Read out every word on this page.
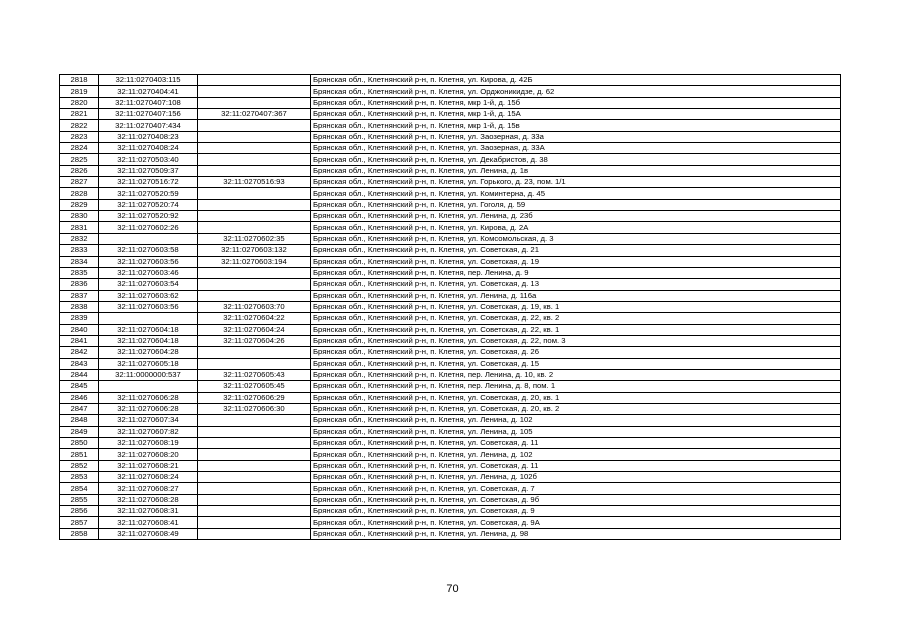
2818	32:11:0270403:115		Брянская обл., Клетнянский р-н, п. Клетня, ул. Кирова, д. 42Б
2819	32:11:0270404:41		Брянская обл., Клетнянский р-н, п. Клетня, ул. Орджоникидзе, д. 62
2820	32:11:0270407:108		Брянская обл., Клетнянский р-н, п. Клетня, мкр 1-й, д. 15б
2821	32:11:0270407:156	32:11:0270407:367	Брянская обл., Клетнянский р-н, п. Клетня, мкр 1-й, д. 15А
2822	32:11:0270407:434		Брянская обл., Клетнянский р-н, п. Клетня, мкр 1-й, д. 15в
2823	32:11:0270408:23		Брянская обл., Клетнянский р-н, п. Клетня, ул. Заозерная, д. 33а
2824	32:11:0270408:24		Брянская обл., Клетнянский р-н, п. Клетня, ул. Заозерная, д. 33А
2825	32:11:0270503:40		Брянская обл., Клетнянский р-н, п. Клетня, ул. Декабристов, д. 38
2826	32:11:0270509:37		Брянская обл., Клетнянский р-н, п. Клетня, ул. Ленина, д. 1в
2827	32:11:0270516:72	32:11:0270516:93	Брянская обл., Клетнянский р-н, п. Клетня, ул. Горького, д. 23, пом. 1/1
2828	32:11:0270520:59		Брянская обл., Клетнянский р-н, п. Клетня, ул. Коминтерна, д. 45
2829	32:11:0270520:74		Брянская обл., Клетнянский р-н, п. Клетня, ул. Гоголя, д. 59
2830	32:11:0270520:92		Брянская обл., Клетнянский р-н, п. Клетня, ул. Ленина, д. 23б
2831	32:11:0270602:26		Брянская обл., Клетнянский р-н, п. Клетня, ул. Кирова, д. 2А
2832		32:11:0270602:35	Брянская обл., Клетнянский р-н, п. Клетня, ул. Комсомольская, д. 3
2833	32:11:0270603:58	32:11:0270603:132	Брянская обл., Клетнянский р-н, п. Клетня, ул. Советская, д. 21
2834	32:11:0270603:56	32:11:0270603:194	Брянская обл., Клетнянский р-н, п. Клетня, ул. Советская, д. 19
2835	32:11:0270603:46		Брянская обл., Клетнянский р-н, п. Клетня, пер. Ленина, д. 9
2836	32:11:0270603:54		Брянская обл., Клетнянский р-н, п. Клетня, ул. Советская, д. 13
2837	32:11:0270603:62		Брянская обл., Клетнянский р-н, п. Клетня, ул. Ленина, д. 116а
2838	32:11:0270603:56	32:11:0270603:70	Брянская обл., Клетнянский р-н, п. Клетня, ул. Советская, д. 19, кв. 1
2839		32:11:0270604:22	Брянская обл., Клетнянский р-н, п. Клетня, ул. Советская, д. 22, кв. 2
2840	32:11:0270604:18	32:11:0270604:24	Брянская обл., Клетнянский р-н, п. Клетня, ул. Советская, д. 22, кв. 1
2841	32:11:0270604:18	32:11:0270604:26	Брянская обл., Клетнянский р-н, п. Клетня, ул. Советская, д. 22, пом. 3
2842	32:11:0270604:28		Брянская обл., Клетнянский р-н, п. Клетня, ул. Советская, д. 26
2843	32:11:0270605:18		Брянская обл., Клетнянский р-н, п. Клетня, ул. Советская, д. 15
2844	32:11:0000000:537	32:11:0270605:43	Брянская обл., Клетнянский р-н, п. Клетня, пер. Ленина, д. 10, кв. 2
2845		32:11:0270605:45	Брянская обл., Клетнянский р-н, п. Клетня, пер. Ленина, д. 8, пом. 1
2846	32:11:0270606:28	32:11:0270606:29	Брянская обл., Клетнянский р-н, п. Клетня, ул. Советская, д. 20, кв. 1
2847	32:11:0270606:28	32:11:0270606:30	Брянская обл., Клетнянский р-н, п. Клетня, ул. Советская, д. 20, кв. 2
2848	32:11:0270607:34		Брянская обл., Клетнянский р-н, п. Клетня, ул. Ленина, д. 102
2849	32:11:0270607:82		Брянская обл., Клетнянский р-н, п. Клетня, ул. Ленина, д. 105
2850	32:11:0270608:19		Брянская обл., Клетнянский р-н, п. Клетня, ул. Советская, д. 11
2851	32:11:0270608:20		Брянская обл., Клетнянский р-н, п. Клетня, ул. Ленина, д. 102
2852	32:11:0270608:21		Брянская обл., Клетнянский р-н, п. Клетня, ул. Советская, д. 11
2853	32:11:0270608:24		Брянская обл., Клетнянский р-н, п. Клетня, ул. Ленина, д. 102б
2854	32:11:0270608:27		Брянская обл., Клетнянский р-н, п. Клетня, ул. Советская, д. 7
2855	32:11:0270608:28		Брянская обл., Клетнянский р-н, п. Клетня, ул. Советская, д. 9б
2856	32:11:0270608:31		Брянская обл., Клетнянский р-н, п. Клетня, ул. Советская, д. 9
2857	32:11:0270608:41		Брянская обл., Клетнянский р-н, п. Клетня, ул. Советская, д. 9А
2858	32:11:0270608:49		Брянская обл., Клетнянский р-н, п. Клетня, ул. Ленина, д. 98
70
